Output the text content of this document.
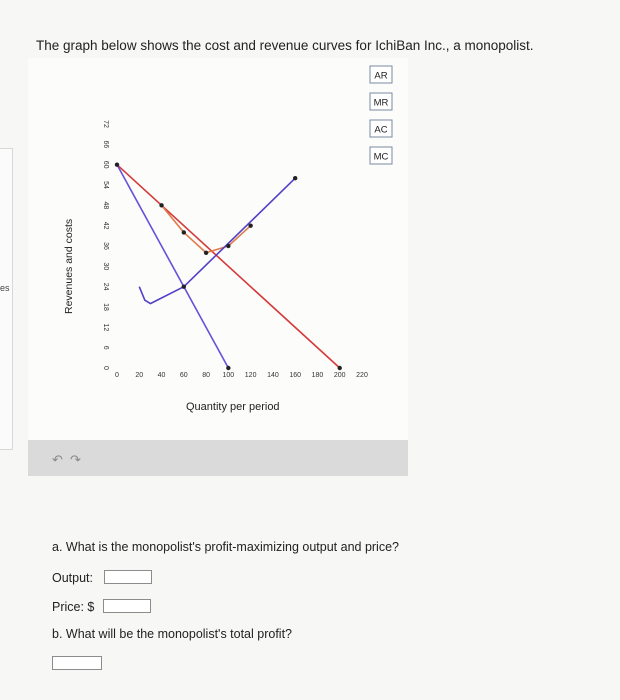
es
The graph below shows the cost and revenue curves for IchiBan Inc., a monopolist.
AR
MR
AC
MC
0
6
12
18
24
30
36
42
48
54
60
66
72
0 20 40 60 80 100 120 140 160 180 200 220
Revenues and costs
Quantity per period
↶ ↷
a. What is the monopolist's profit-maximizing output and price?
Output:
Price: $
b. What will be the monopolist's total profit?
